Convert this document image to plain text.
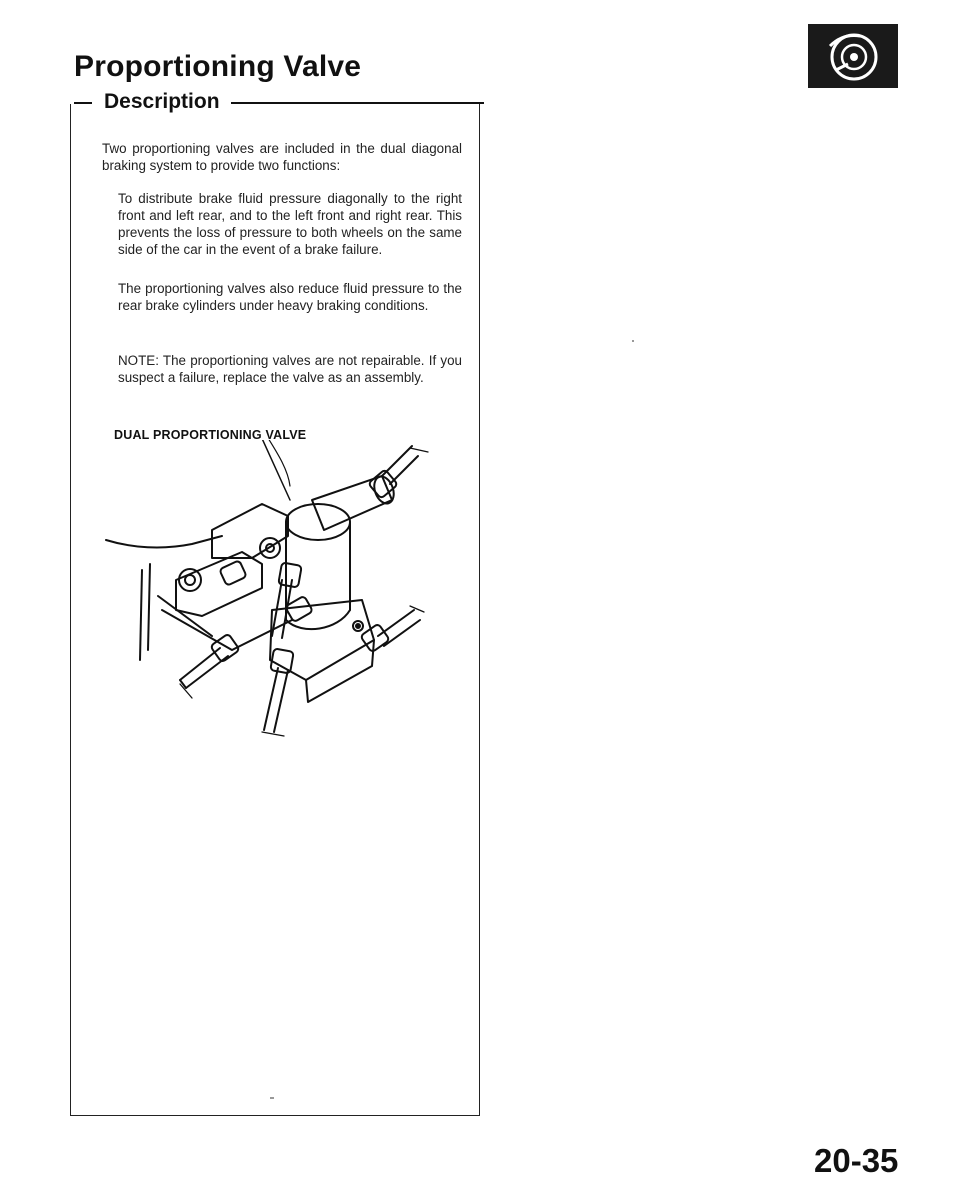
Proportioning Valve
Description
Two proportioning valves are included in the dual diagonal braking system to provide two functions:
To distribute brake fluid pressure diagonally to the right front and left rear, and to the left front and right rear. This prevents the loss of pressure to both wheels on the same side of the car in the event of a brake failure.
The proportioning valves also reduce fluid pressure to the rear brake cylinders under heavy braking conditions.
NOTE: The proportioning valves are not repairable. If you suspect a failure, replace the valve as an assembly.
DUAL PROPORTIONING VALVE
20-35
